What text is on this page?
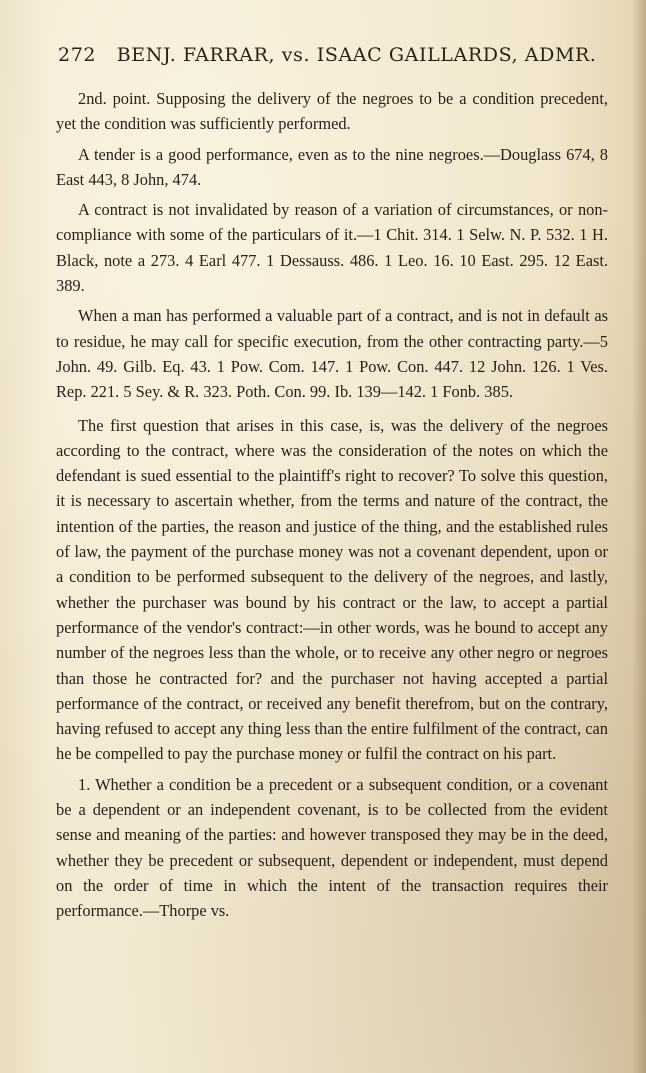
272 BENJ. FARRAR, vs. ISAAC GAILLARDS, ADMR.

2nd. point. Supposing the delivery of the negroes to be a condition precedent, yet the condition was sufficiently performed.

A tender is a good performance, even as to the nine negroes.—Douglass 674, 8 East 443, 8 John, 474.

A contract is not invalidated by reason of a variation of circumstances, or non-compliance with some of the particulars of it.—1 Chit. 314. 1 Selw. N. P. 532. 1 H. Black, note a 273. 4 Earl 477. 1 Dessauss. 486. 1 Leo. 16. 10 East. 295. 12 East. 389.

When a man has performed a valuable part of a contract, and is not in default as to residue, he may call for specific execution, from the other contracting party.—5 John. 49. Gilb. Eq. 43. 1 Pow. Com. 147. 1 Pow. Con. 447. 12 John. 126. 1 Ves. Rep. 221. 5 Sey. & R. 323. Poth. Con. 99. Ib. 139—142. 1 Fonb. 385.

The first question that arises in this case, is, was the delivery of the negroes according to the contract, where was the consideration of the notes on which the defendant is sued essential to the plaintiff's right to recover? To solve this question, it is necessary to ascertain whether, from the terms and nature of the contract, the intention of the parties, the reason and justice of the thing, and the established rules of law, the payment of the purchase money was not a covenant dependent, upon or a condition to be performed subsequent to the delivery of the negroes, and lastly, whether the purchaser was bound by his contract or the law, to accept a partial performance of the vendor's contract:—in other words, was he bound to accept any number of the negroes less than the whole, or to receive any other negro or negroes than those he contracted for? and the purchaser not having accepted a partial performance of the contract, or received any benefit therefrom, but on the contrary, having refused to accept any thing less than the entire fulfilment of the contract, can he be compelled to pay the purchase money or fulfil the contract on his part.

1. Whether a condition be a precedent or a subsequent condition, or a covenant be a dependent or an independent covenant, is to be collected from the evident sense and meaning of the parties: and however transposed they may be in the deed, whether they be precedent or subsequent, dependent or independent, must depend on the order of time in which the intent of the transaction requires their performance.—Thorpe vs.
